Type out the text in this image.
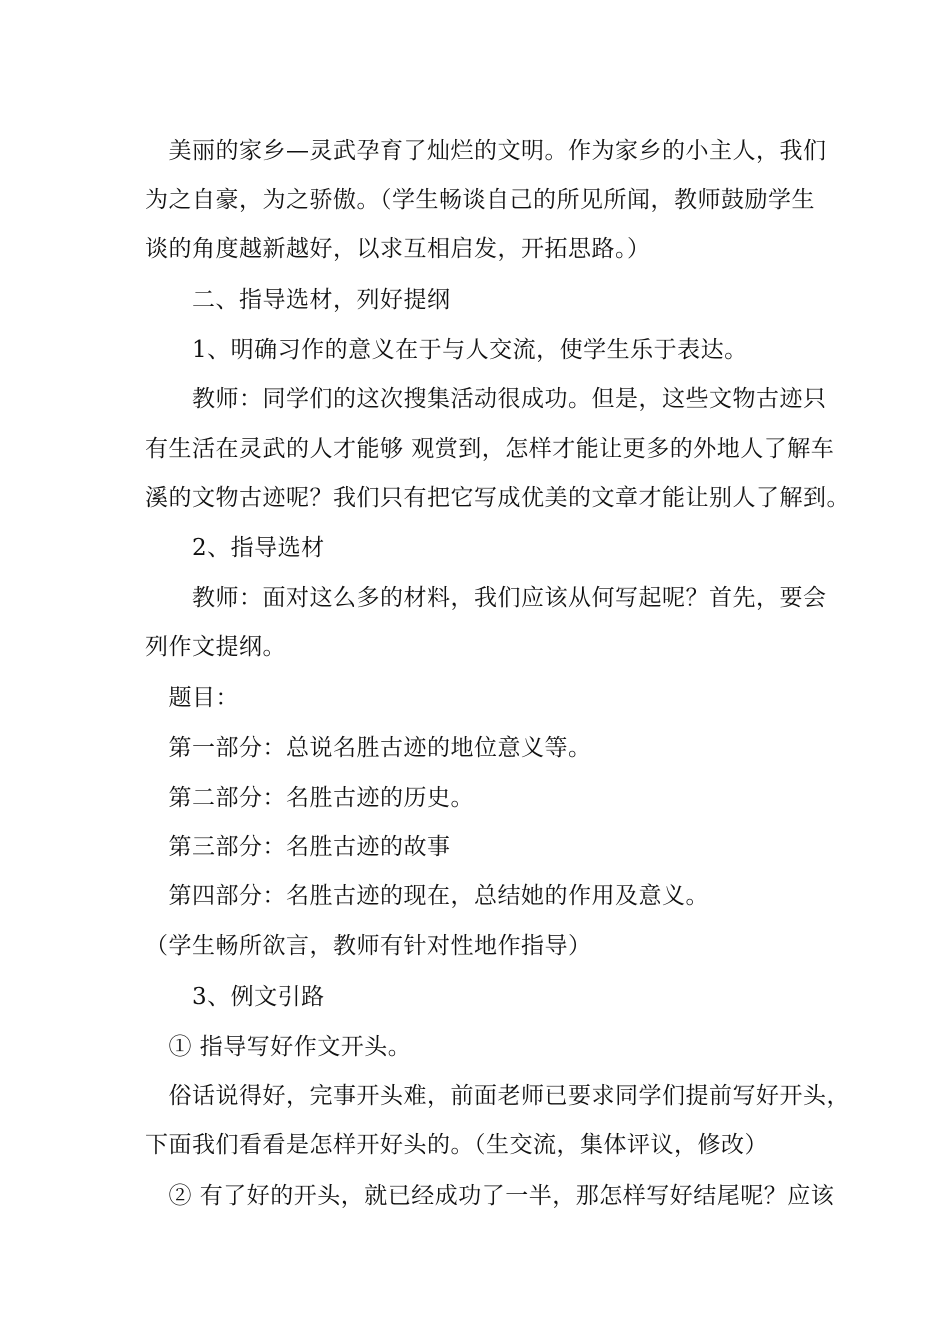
　美丽的家乡—灵武孕育了灿烂的文明。作为家乡的小主人，我们
为之自豪，为之骄傲。（学生畅谈自己的所见所闻，教师鼓励学生
谈的角度越新越好，以求互相启发，开拓思路。）
　　二、指导选材，列好提纲
　　1、明确习作的意义在于与人交流，使学生乐于表达。
　　教师：同学们的这次搜集活动很成功。但是，这些文物古迹只
有生活在灵武的人才能够 观赏到，怎样才能让更多的外地人了解车
溪的文物古迹呢？我们只有把它写成优美的文章才能让别人了解到。
　　2、指导选材
　　教师：面对这么多的材料，我们应该从何写起呢？首先，要会
列作文提纲。
　题目：
　第一部分：总说名胜古迹的地位意义等。
　第二部分：名胜古迹的历史。
　第三部分：名胜古迹的故事
　第四部分：名胜古迹的现在，总结她的作用及意义。
（学生畅所欲言，教师有针对性地作指导）
　　3、例文引路
　① 指导写好作文开头。
　俗话说得好，完事开头难，前面老师已要求同学们提前写好开头，
下面我们看看是怎样开好头的。（生交流，集体评议，修改）
　② 有了好的开头，就已经成功了一半，那怎样写好结尾呢？应该
